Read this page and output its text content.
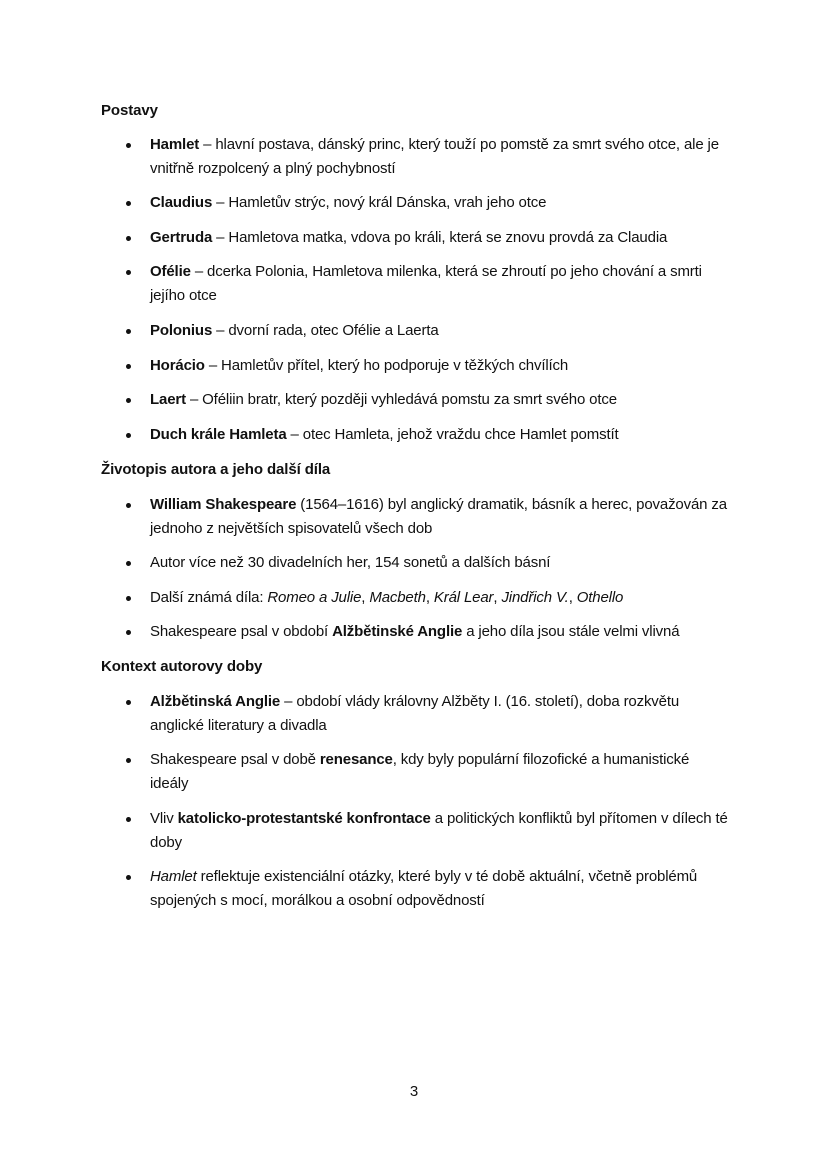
Postavy

Hamlet – hlavní postava, dánský princ, který touží po pomstě za smrt svého otce, ale je vnitřně rozpolcený a plný pochybností

Claudius – Hamletův strýc, nový král Dánska, vrah jeho otce

Gertruda – Hamletova matka, vdova po králi, která se znovu provdá za Claudia

Ofélie – dcerka Polonia, Hamletova milenka, která se zhroutí po jeho chování a smrti jejího otce

Polonius – dvorní rada, otec Ofélie a Laerta

Horácio – Hamletův přítel, který ho podporuje v těžkých chvílích

Laert – Oféliin bratr, který později vyhledává pomstu za smrt svého otce

Duch krále Hamleta – otec Hamleta, jehož vraždu chce Hamlet pomstít

Životopis autora a jeho další díla

William Shakespeare (1564–1616) byl anglický dramatik, básník a herec, považován za jednoho z největších spisovatelů všech dob

Autor více než 30 divadelních her, 154 sonetů a dalších básní

Další známá díla: Romeo a Julie, Macbeth, Král Lear, Jindřich V., Othello

Shakespeare psal v období Alžbětinské Anglie a jeho díla jsou stále velmi vlivná

Kontext autorovy doby

Alžbětinská Anglie – období vlády královny Alžběty I. (16. století), doba rozkvětu anglické literatury a divadla

Shakespeare psal v době renesance, kdy byly populární filozofické a humanistické ideály

Vliv katolicko-protestantské konfrontace a politických konfliktů byl přítomen v dílech té doby

Hamlet reflektuje existenciální otázky, které byly v té době aktuální, včetně problémů spojených s mocí, morálkou a osobní odpovědností

3
